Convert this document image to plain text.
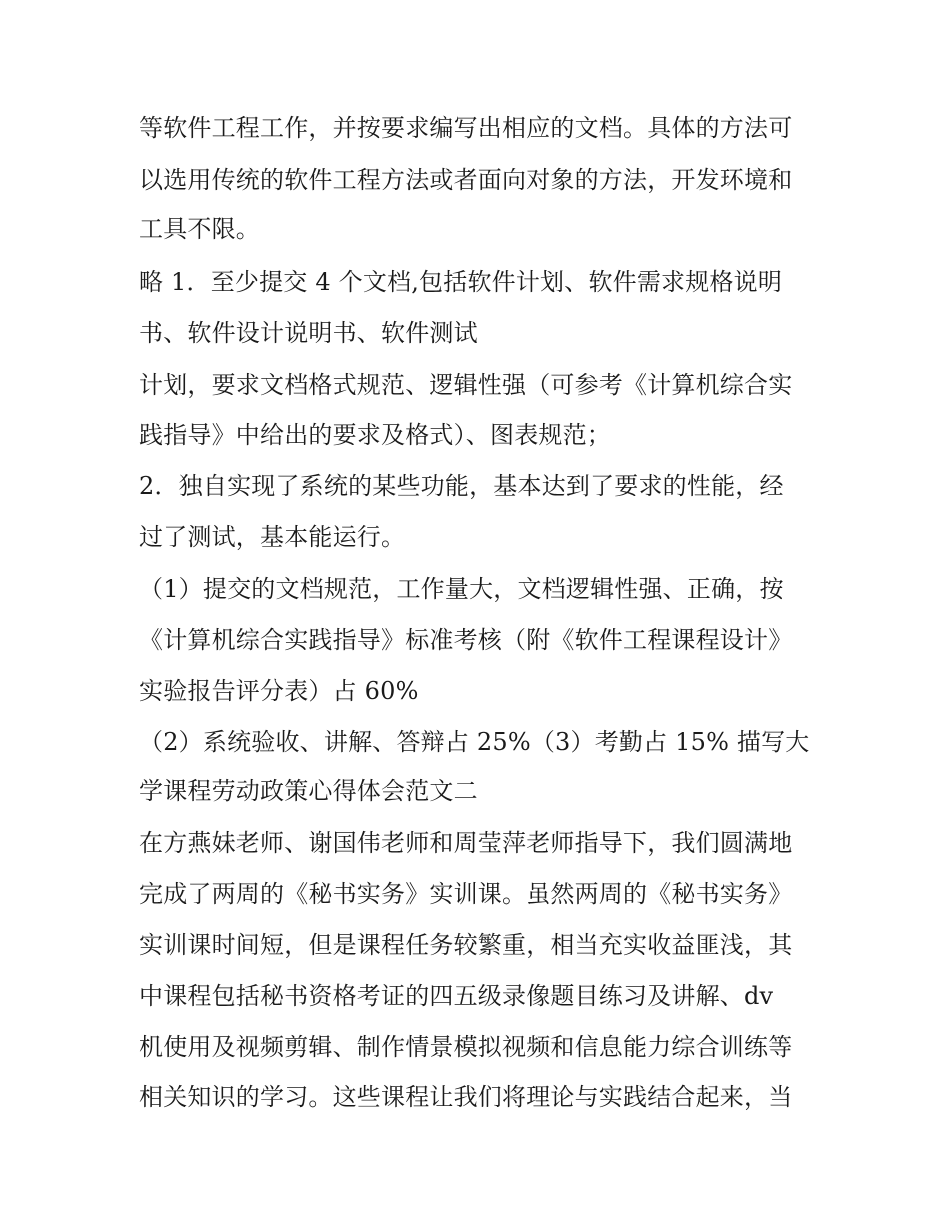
等软件工程工作，并按要求编写出相应的文档。具体的方法可
以选用传统的软件工程方法或者面向对象的方法，开发环境和
工具不限。
略 1．至少提交 4 个文档,包括软件计划、软件需求规格说明
书、软件设计说明书、软件测试
计划，要求文档格式规范、逻辑性强（可参考《计算机综合实
践指导》中给出的要求及格式）、图表规范；
2．独自实现了系统的某些功能，基本达到了要求的性能，经
过了测试，基本能运行。
（1）提交的文档规范，工作量大，文档逻辑性强、正确，按
《计算机综合实践指导》标准考核（附《软件工程课程设计》
实验报告评分表）占 60%
（2）系统验收、讲解、答辩占 25%（3）考勤占 15% 描写大
学课程劳动政策心得体会范文二
在方燕妹老师、谢国伟老师和周莹萍老师指导下，我们圆满地
完成了两周的《秘书实务》实训课。虽然两周的《秘书实务》
实训课时间短，但是课程任务较繁重，相当充实收益匪浅，其
中课程包括秘书资格考证的四五级录像题目练习及讲解、dv
机使用及视频剪辑、制作情景模拟视频和信息能力综合训练等
相关知识的学习。这些课程让我们将理论与实践结合起来，当
